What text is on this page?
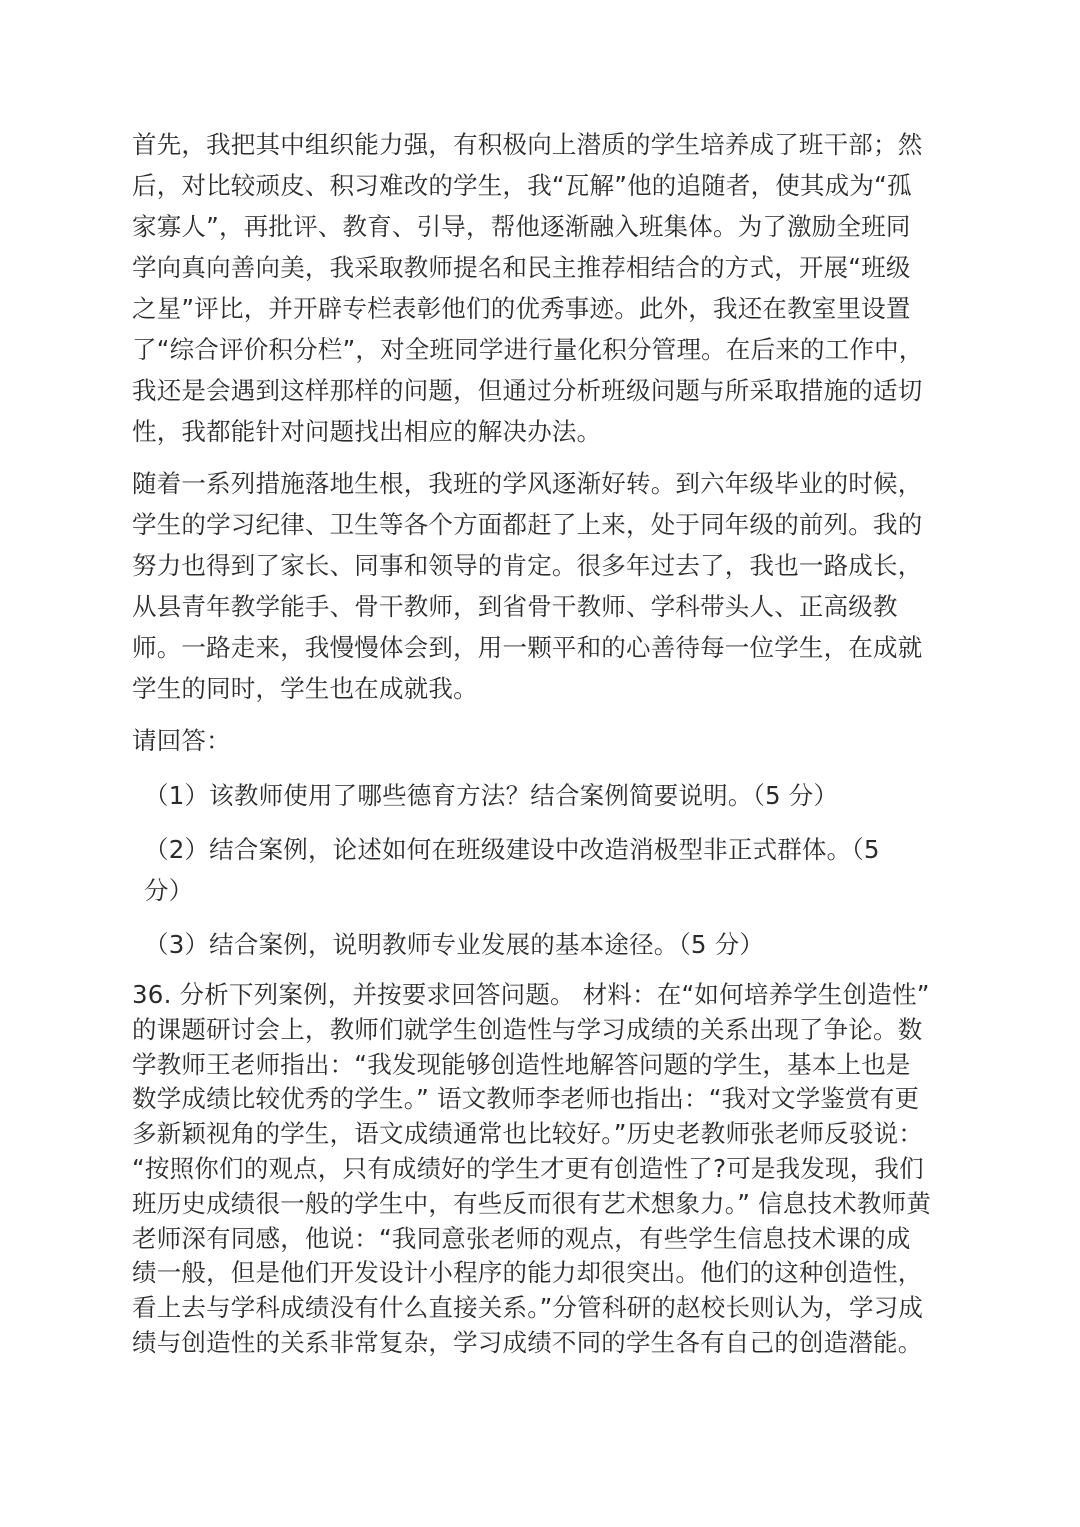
首先，我把其中组织能力强，有积极向上潜质的学生培养成了班干部；然
后，对比较顽皮、积习难改的学生，我“瓦解”他的追随者，使其成为“孤
家寡人”，再批评、教育、引导，帮他逐渐融入班集体。为了激励全班同
学向真向善向美，我采取教师提名和民主推荐相结合的方式，开展“班级
之星”评比，并开辟专栏表彰他们的优秀事迹。此外，我还在教室里设置
了“综合评价积分栏”，对全班同学进行量化积分管理。在后来的工作中，
我还是会遇到这样那样的问题，但通过分析班级问题与所采取措施的适切
性，我都能针对问题找出相应的解决办法。

随着一系列措施落地生根，我班的学风逐渐好转。到六年级毕业的时候，
学生的学习纪律、卫生等各个方面都赶了上来，处于同年级的前列。我的
努力也得到了家长、同事和领导的肯定。很多年过去了，我也一路成长，
从县青年教学能手、骨干教师，到省骨干教师、学科带头人、正高级教
师。一路走来，我慢慢体会到，用一颗平和的心善待每一位学生，在成就
学生的同时，学生也在成就我。

请回答：

（1）该教师使用了哪些德育方法？结合案例简要说明。（5 分）

（2）结合案例，论述如何在班级建设中改造消极型非正式群体。（5
分）

（3）结合案例，说明教师专业发展的基本途径。（5 分）

36. 分析下列案例，并按要求回答问题。 材料：在“如何培养学生创造性”
的课题研讨会上，教师们就学生创造性与学习成绩的关系出现了争论。数
学教师王老师指出：“我发现能够创造性地解答问题的学生，基本上也是
数学成绩比较优秀的学生。” 语文教师李老师也指出：“我对文学鉴赏有更
多新颖视角的学生，语文成绩通常也比较好。”历史老教师张老师反驳说：
“按照你们的观点，只有成绩好的学生才更有创造性了?可是我发现，我们
班历史成绩很一般的学生中，有些反而很有艺术想象力。” 信息技术教师黄
老师深有同感，他说：“我同意张老师的观点，有些学生信息技术课的成
绩一般，但是他们开发设计小程序的能力却很突出。他们的这种创造性，
看上去与学科成绩没有什么直接关系。”分管科研的赵校长则认为，学习成
绩与创造性的关系非常复杂，学习成绩不同的学生各有自己的创造潜能。
